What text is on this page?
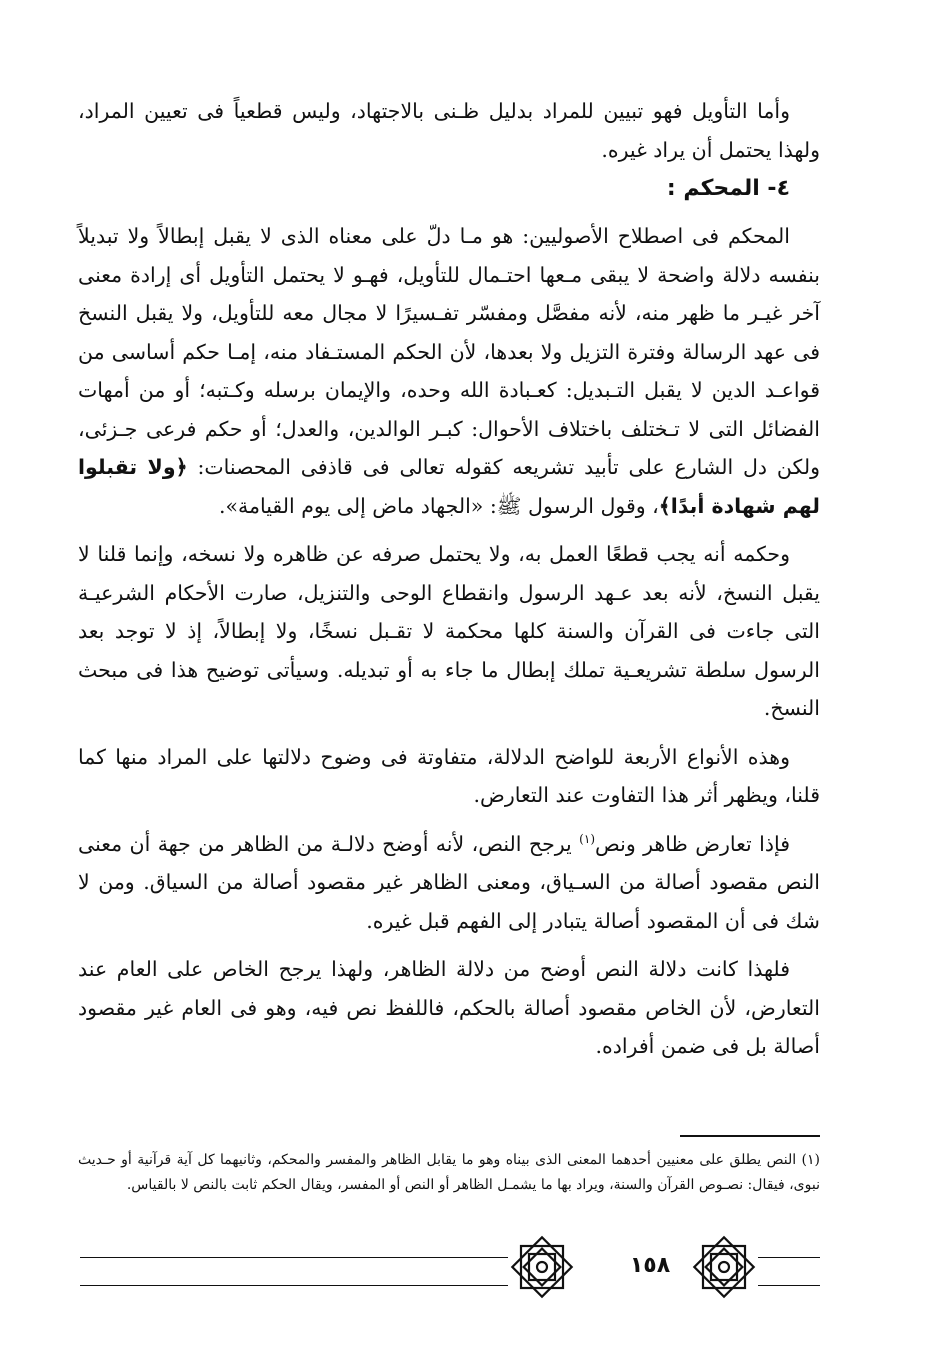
وأما التأويل فهو تبيين للمراد بدليل ظـنى بالاجتهاد، وليس قطعياً فى تعيين المراد، ولهذا يحتمل أن يراد غيره.

٤- المحكم :

المحكم فى اصطلاح الأصوليين: هو مـا دلّ على معناه الذى لا يقبل إبطالاً ولا تبديلاً بنفسه دلالة واضحة لا يبقى مـعها احتـمال للتأويل، فهـو لا يحتمل التأويل أى إرادة معنى آخر غيـر ما ظهر منه، لأنه مفصَّل ومفسّر تفـسيرًا لا مجال معه للتأويل، ولا يقبل النسخ فى عهد الرسالة وفترة التزيل ولا بعدها، لأن الحكم المستـفاد منه، إمـا حكم أساسى من قواعـد الدين لا يقبل التـبديل: كعـبادة الله وحده، والإيمان برسله وكـتبه؛ أو من أمهات الفضائل التى لا تـختلف باختلاف الأحوال: كبـر الوالدين، والعدل؛ أو حكم فرعى جـزئى، ولكن دل الشارع على تأبيد تشريعه كقوله تعالى فى قاذفى المحصنات: ﴿ولا تقبلوا لهم شهادة أبدًا﴾، وقول الرسول ﷺ: «الجهاد ماض إلى يوم القيامة».

وحكمه أنه يجب قطعًا العمل به، ولا يحتمل صرفه عن ظاهره ولا نسخه، وإنما قلنا لا يقبل النسخ، لأنه بعد عـهد الرسول وانقطاع الوحى والتنزيل، صارت الأحكام الشرعيـة التى جاءت فى القرآن والسنة كلها محكمة لا تقـبل نسخًا، ولا إبطالاً، إذ لا توجد بعد الرسول سلطة تشريعـية تملك إبطال ما جاء به أو تبديله. وسيأتى توضيح هذا فى مبحث النسخ.

وهذه الأنواع الأربعة للواضح الدلالة، متفاوتة فى وضوح دلالتها على المراد منها كما قلنا، ويظهر أثر هذا التفاوت عند التعارض.

فإذا تعارض ظاهر ونص$^{(١)}$ يرجح النص، لأنه أوضح دلالـة من الظاهر من جهة أن معنى النص مقصود أصالة من السـياق، ومعنى الظاهر غير مقصود أصالة من السياق. ومن لا شك فى أن المقصود أصالة يتبادر إلى الفهم قبل غيره.

فلهذا كانت دلالة النص أوضح من دلالة الظاهر، ولهذا يرجح الخاص على العام عند التعارض، لأن الخاص مقصود أصالة بالحكم، فاللفظ نص فيه، وهو فى العام غير مقصود أصالة بل فى ضمن أفراده.

(١) النص يطلق على معنيين أحدهما المعنى الذى بيناه وهو ما يقابل الظاهر والمفسر والمحكم، وثانيهما كل آية قرآنية أو حـديث نبوى، فيقال: نصـوص القرآن والسنة، ويراد بها ما يشمـل الظاهر أو النص أو المفسر، ويقال الحكم ثابت بالنص لا بالقياس.

١٥٨
